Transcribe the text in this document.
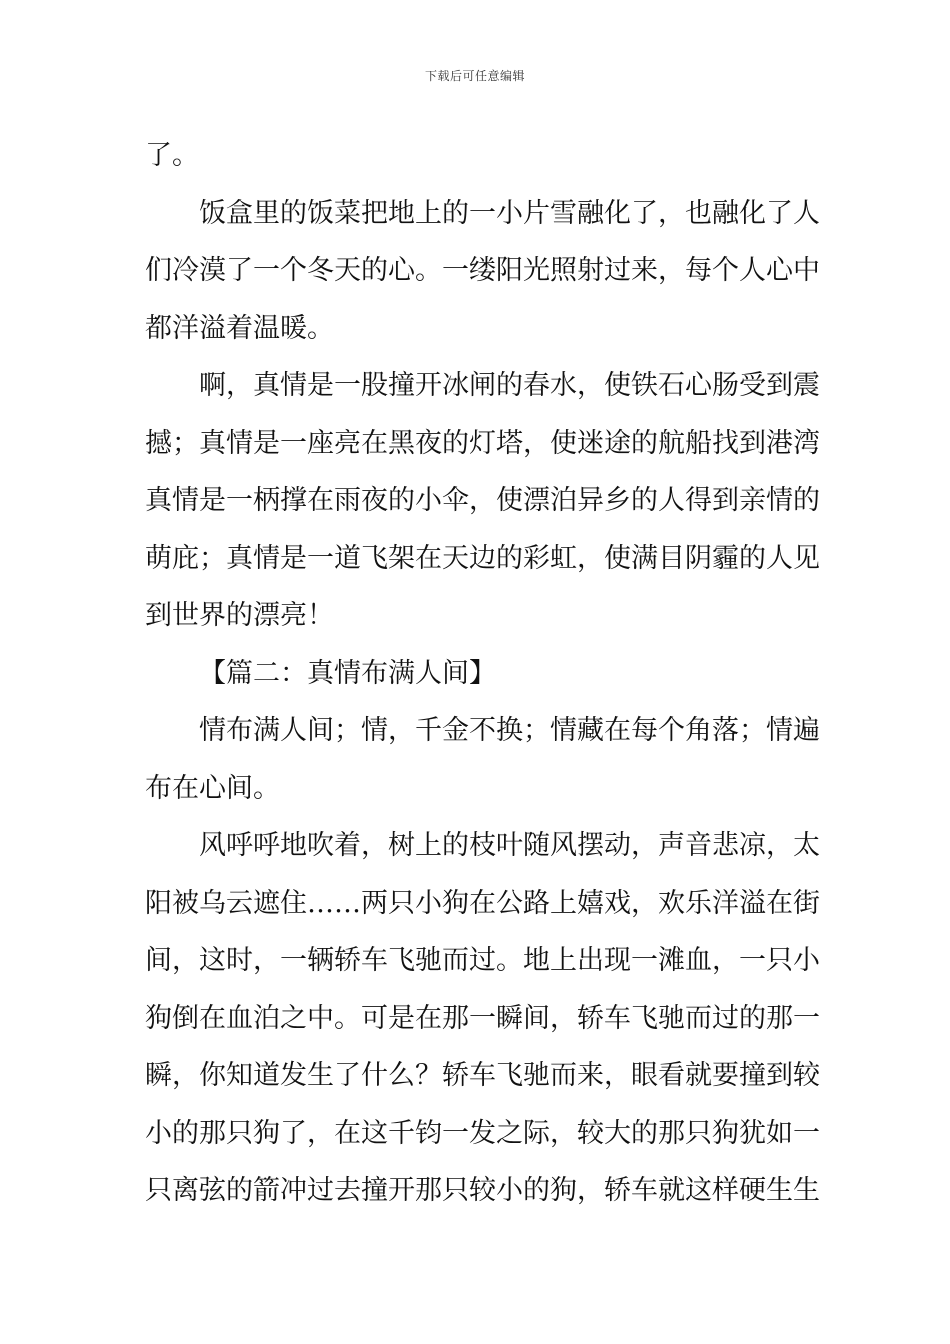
下载后可任意编辑
了。
饭盒里的饭菜把地上的一小片雪融化了，也融化了人
们冷漠了一个冬天的心。一缕阳光照射过来，每个人心中
都洋溢着温暖。
啊，真情是一股撞开冰闸的春水，使铁石心肠受到震
撼；真情是一座亮在黑夜的灯塔，使迷途的航船找到港湾
真情是一柄撑在雨夜的小伞，使漂泊异乡的人得到亲情的
萌庇；真情是一道飞架在天边的彩虹，使满目阴霾的人见
到世界的漂亮！
【篇二：真情布满人间】
情布满人间；情，千金不换；情藏在每个角落；情遍
布在心间。
风呼呼地吹着，树上的枝叶随风摆动，声音悲凉，太
阳被乌云遮住……两只小狗在公路上嬉戏，欢乐洋溢在街
间，这时，一辆轿车飞驰而过。地上出现一滩血，一只小
狗倒在血泊之中。可是在那一瞬间，轿车飞驰而过的那一
瞬，你知道发生了什么？轿车飞驰而来，眼看就要撞到较
小的那只狗了，在这千钧一发之际，较大的那只狗犹如一
只离弦的箭冲过去撞开那只较小的狗，轿车就这样硬生生
